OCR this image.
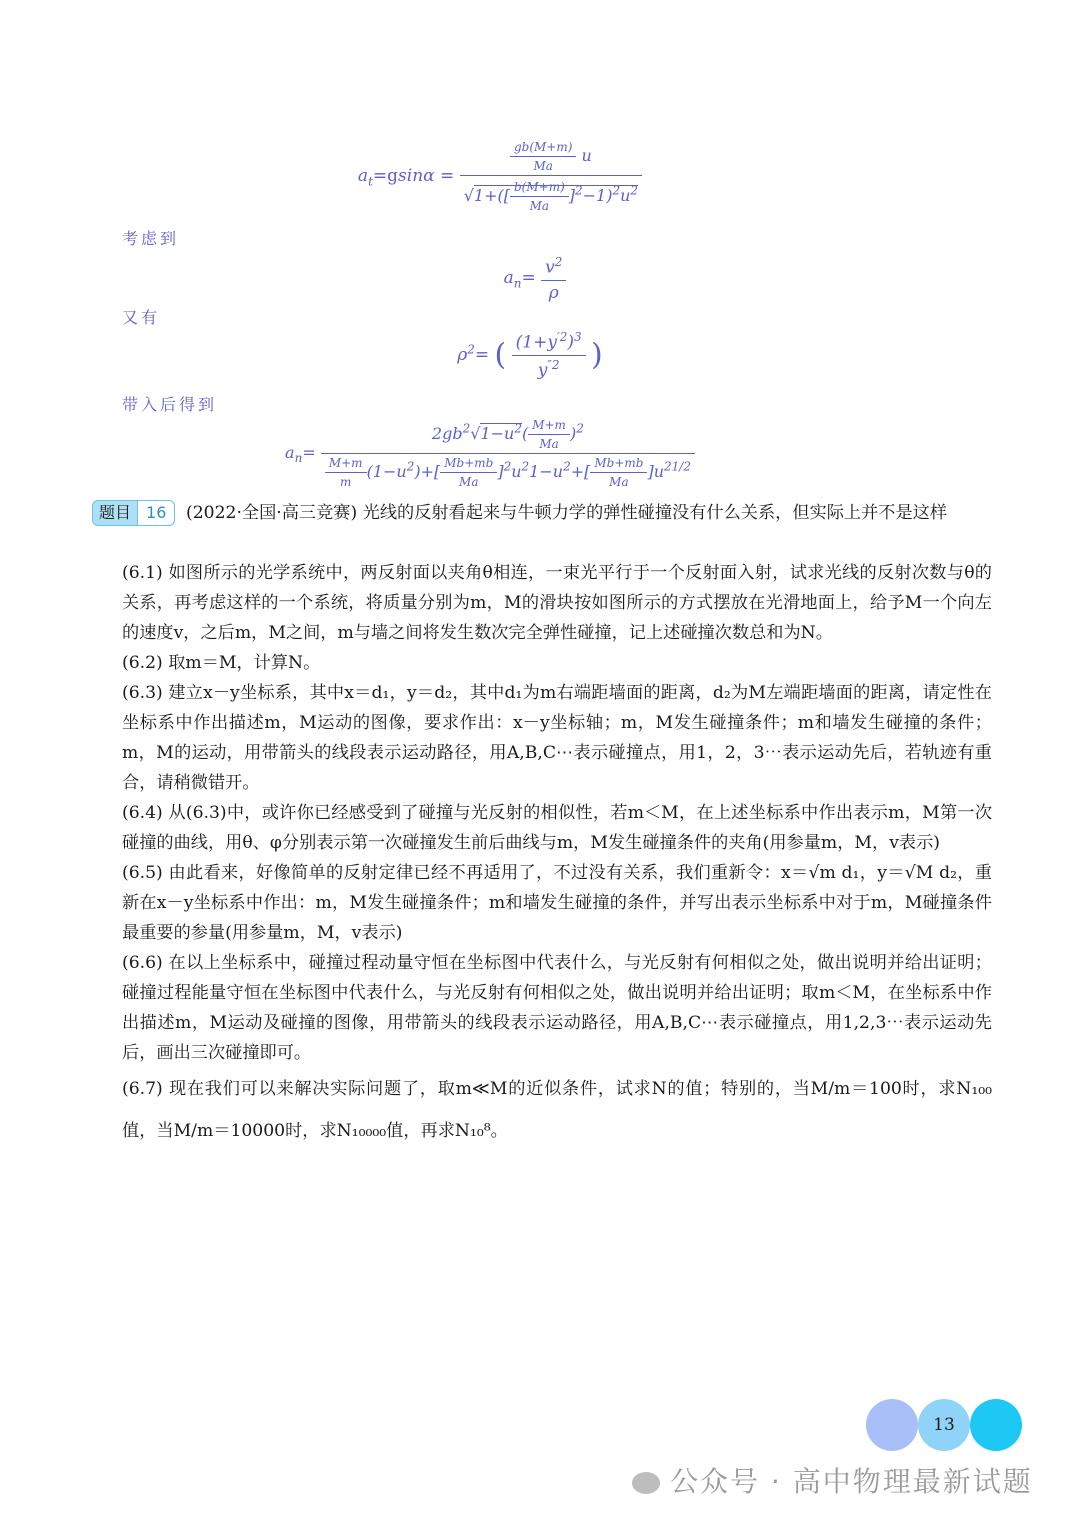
$a_t=gsin\alpha = \frac{\frac{gb(M+m)}{Ma} u}{√1+([ \frac{b(M+m)}{Ma} ]^2-1)^2u^2}$
考虑到
$a_n= \frac{v^2}{\rho}$
又有
$\rho^2=$ ( $\frac{(1+y^{'2})^3}{y^{''2}}$ )
带入后得到
$a_n= \frac{2gb^2√1-u^2( \frac{M+m}{Ma} )^2}{\frac{M+m}{m} (1-u^2)+[ \frac{Mb+mb}{Ma} ]^2u^21-u^2+[ \frac{Mb+mb}{Ma} ]u^{21/2}}$
题目 16	(2022·全国·高三竞赛) 光线的反射看起来与牛顿力学的弹性碰撞没有什么关系，但实际上并不是这样

(6.1) 如图所示的光学系统中，两反射面以夹角θ相连，一束光平行于一个反射面入射，试求光线的反射次数与θ的关系，再考虑这样的一个系统，将质量分别为m，M的滑块按如图所示的方式摆放在光滑地面上，给予M一个向左的速度v，之后m，M之间，m与墙之间将发生数次完全弹性碰撞，记上述碰撞次数总和为N。

(6.2) 取m＝M，计算N。

(6.3) 建立x－y坐标系，其中x＝d₁，y＝d₂，其中d₁为m右端距墙面的距离，d₂为M左端距墙面的距离，请定性在坐标系中作出描述m，M运动的图像，要求作出：x－y坐标轴；m，M发生碰撞条件；m和墙发生碰撞的条件；m，M的运动，用带箭头的线段表示运动路径，用A,B,C⋯表示碰撞点，用1，2，3⋯表示运动先后，若轨迹有重合，请稍微错开。

(6.4) 从(6.3)中，或许你已经感受到了碰撞与光反射的相似性，若m＜M，在上述坐标系中作出表示m，M第一次碰撞的曲线，用θ、φ分别表示第一次碰撞发生前后曲线与m，M发生碰撞条件的夹角(用参量m，M，v表示)

(6.5) 由此看来，好像简单的反射定律已经不再适用了，不过没有关系，我们重新令：x＝√m d₁，y＝√M d₂，重新在x－y坐标系中作出：m，M发生碰撞条件；m和墙发生碰撞的条件，并写出表示坐标系中对于m，M碰撞条件最重要的参量(用参量m，M，v表示)

(6.6) 在以上坐标系中，碰撞过程动量守恒在坐标图中代表什么，与光反射有何相似之处，做出说明并给出证明；碰撞过程能量守恒在坐标图中代表什么，与光反射有何相似之处，做出说明并给出证明；取m＜M，在坐标系中作出描述m，M运动及碰撞的图像，用带箭头的线段表示运动路径，用A,B,C⋯表示碰撞点，用1,2,3⋯表示运动先后，画出三次碰撞即可。

(6.7) 现在我们可以来解决实际问题了，取m≪M的近似条件，试求N的值；特别的，当M/m＝100时，求N₁₀₀值，当M/m＝10000时，求N₁₀₀₀₀值，再求N₁₀⁸。

13
公众号 · 高中物理最新试题
